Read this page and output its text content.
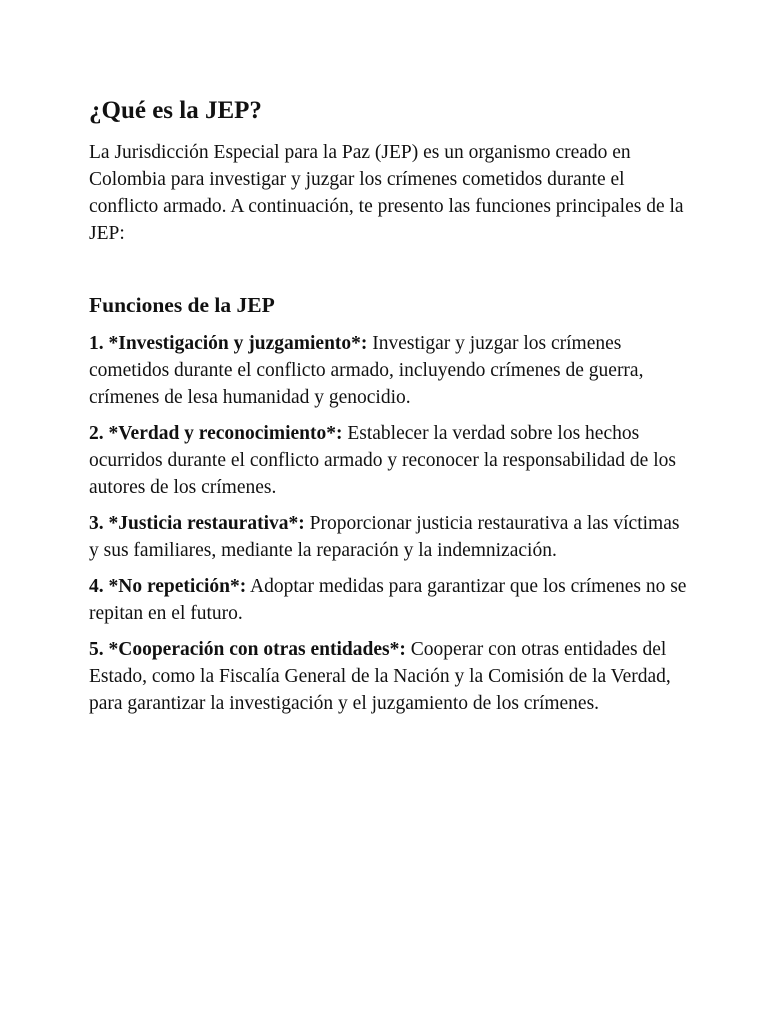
¿Qué es la JEP?

La Jurisdicción Especial para la Paz (JEP) es un organismo creado en Colombia para investigar y juzgar los crímenes cometidos durante el conflicto armado. A continuación, te presento las funciones principales de la JEP:

Funciones de la JEP

1. *Investigación y juzgamiento*: Investigar y juzgar los crímenes cometidos durante el conflicto armado, incluyendo crímenes de guerra, crímenes de lesa humanidad y genocidio.

2. *Verdad y reconocimiento*: Establecer la verdad sobre los hechos ocurridos durante el conflicto armado y reconocer la responsabilidad de los autores de los crímenes.

3. *Justicia restaurativa*: Proporcionar justicia restaurativa a las víctimas y sus familiares, mediante la reparación y la indemnización.

4. *No repetición*: Adoptar medidas para garantizar que los crímenes no se repitan en el futuro.

5. *Cooperación con otras entidades*: Cooperar con otras entidades del Estado, como la Fiscalía General de la Nación y la Comisión de la Verdad, para garantizar la investigación y el juzgamiento de los crímenes.
